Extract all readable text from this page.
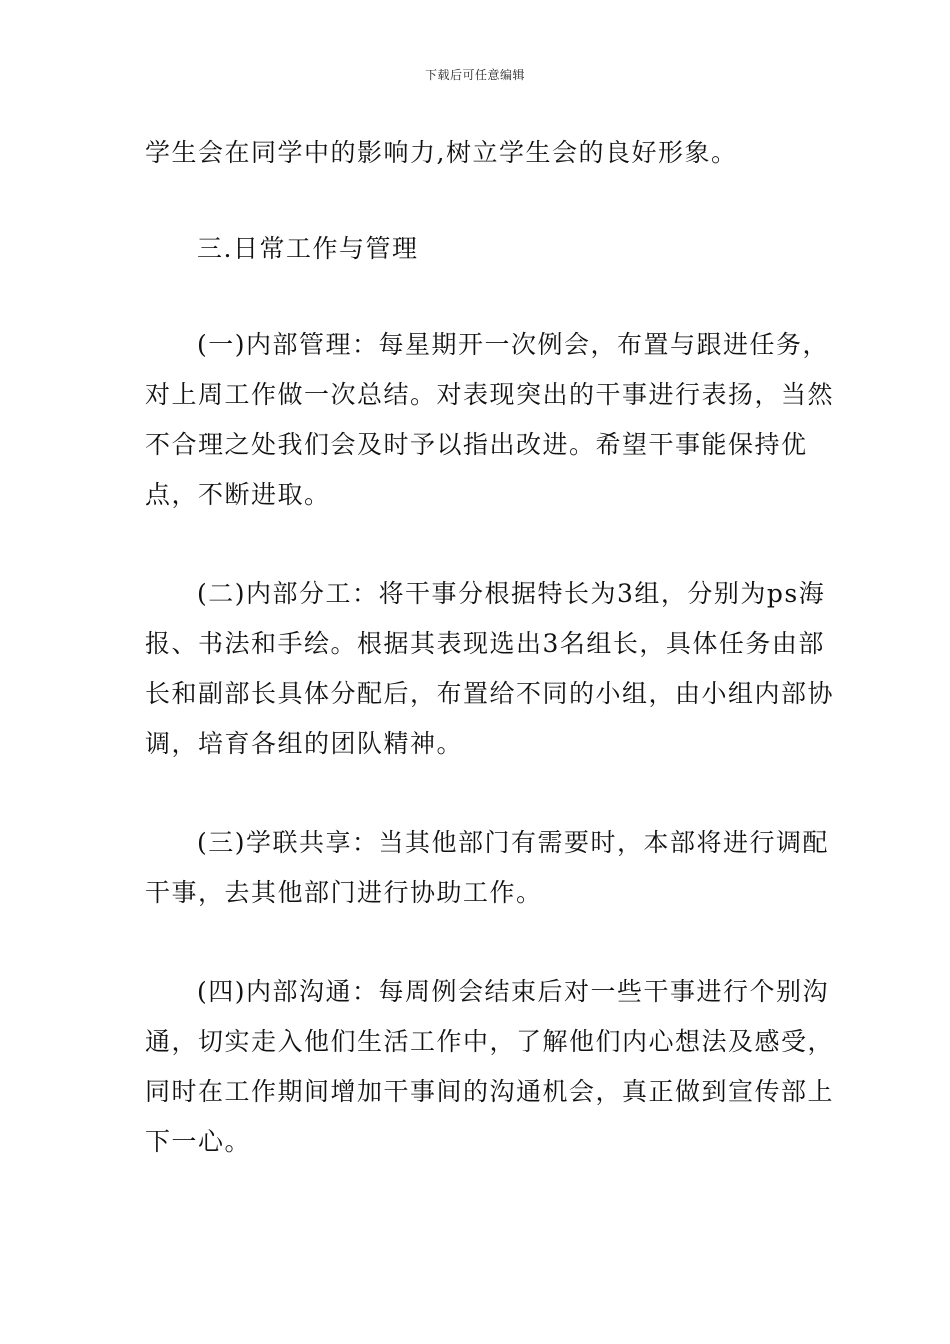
下载后可任意编辑

学生会在同学中的影响力,树立学生会的良好形象。

三.日常工作与管理

(一)内部管理：每星期开一次例会，布置与跟进任务，对上周工作做一次总结。对表现突出的干事进行表扬，当然不合理之处我们会及时予以指出改进。希望干事能保持优点，不断进取。

(二)内部分工：将干事分根据特长为3组，分别为ps海报、书法和手绘。根据其表现选出3名组长，具体任务由部长和副部长具体分配后，布置给不同的小组，由小组内部协调，培育各组的团队精神。

(三)学联共享：当其他部门有需要时，本部将进行调配干事，去其他部门进行协助工作。

(四)内部沟通：每周例会结束后对一些干事进行个别沟通，切实走入他们生活工作中，了解他们内心想法及感受，同时在工作期间增加干事间的沟通机会，真正做到宣传部上下一心。
